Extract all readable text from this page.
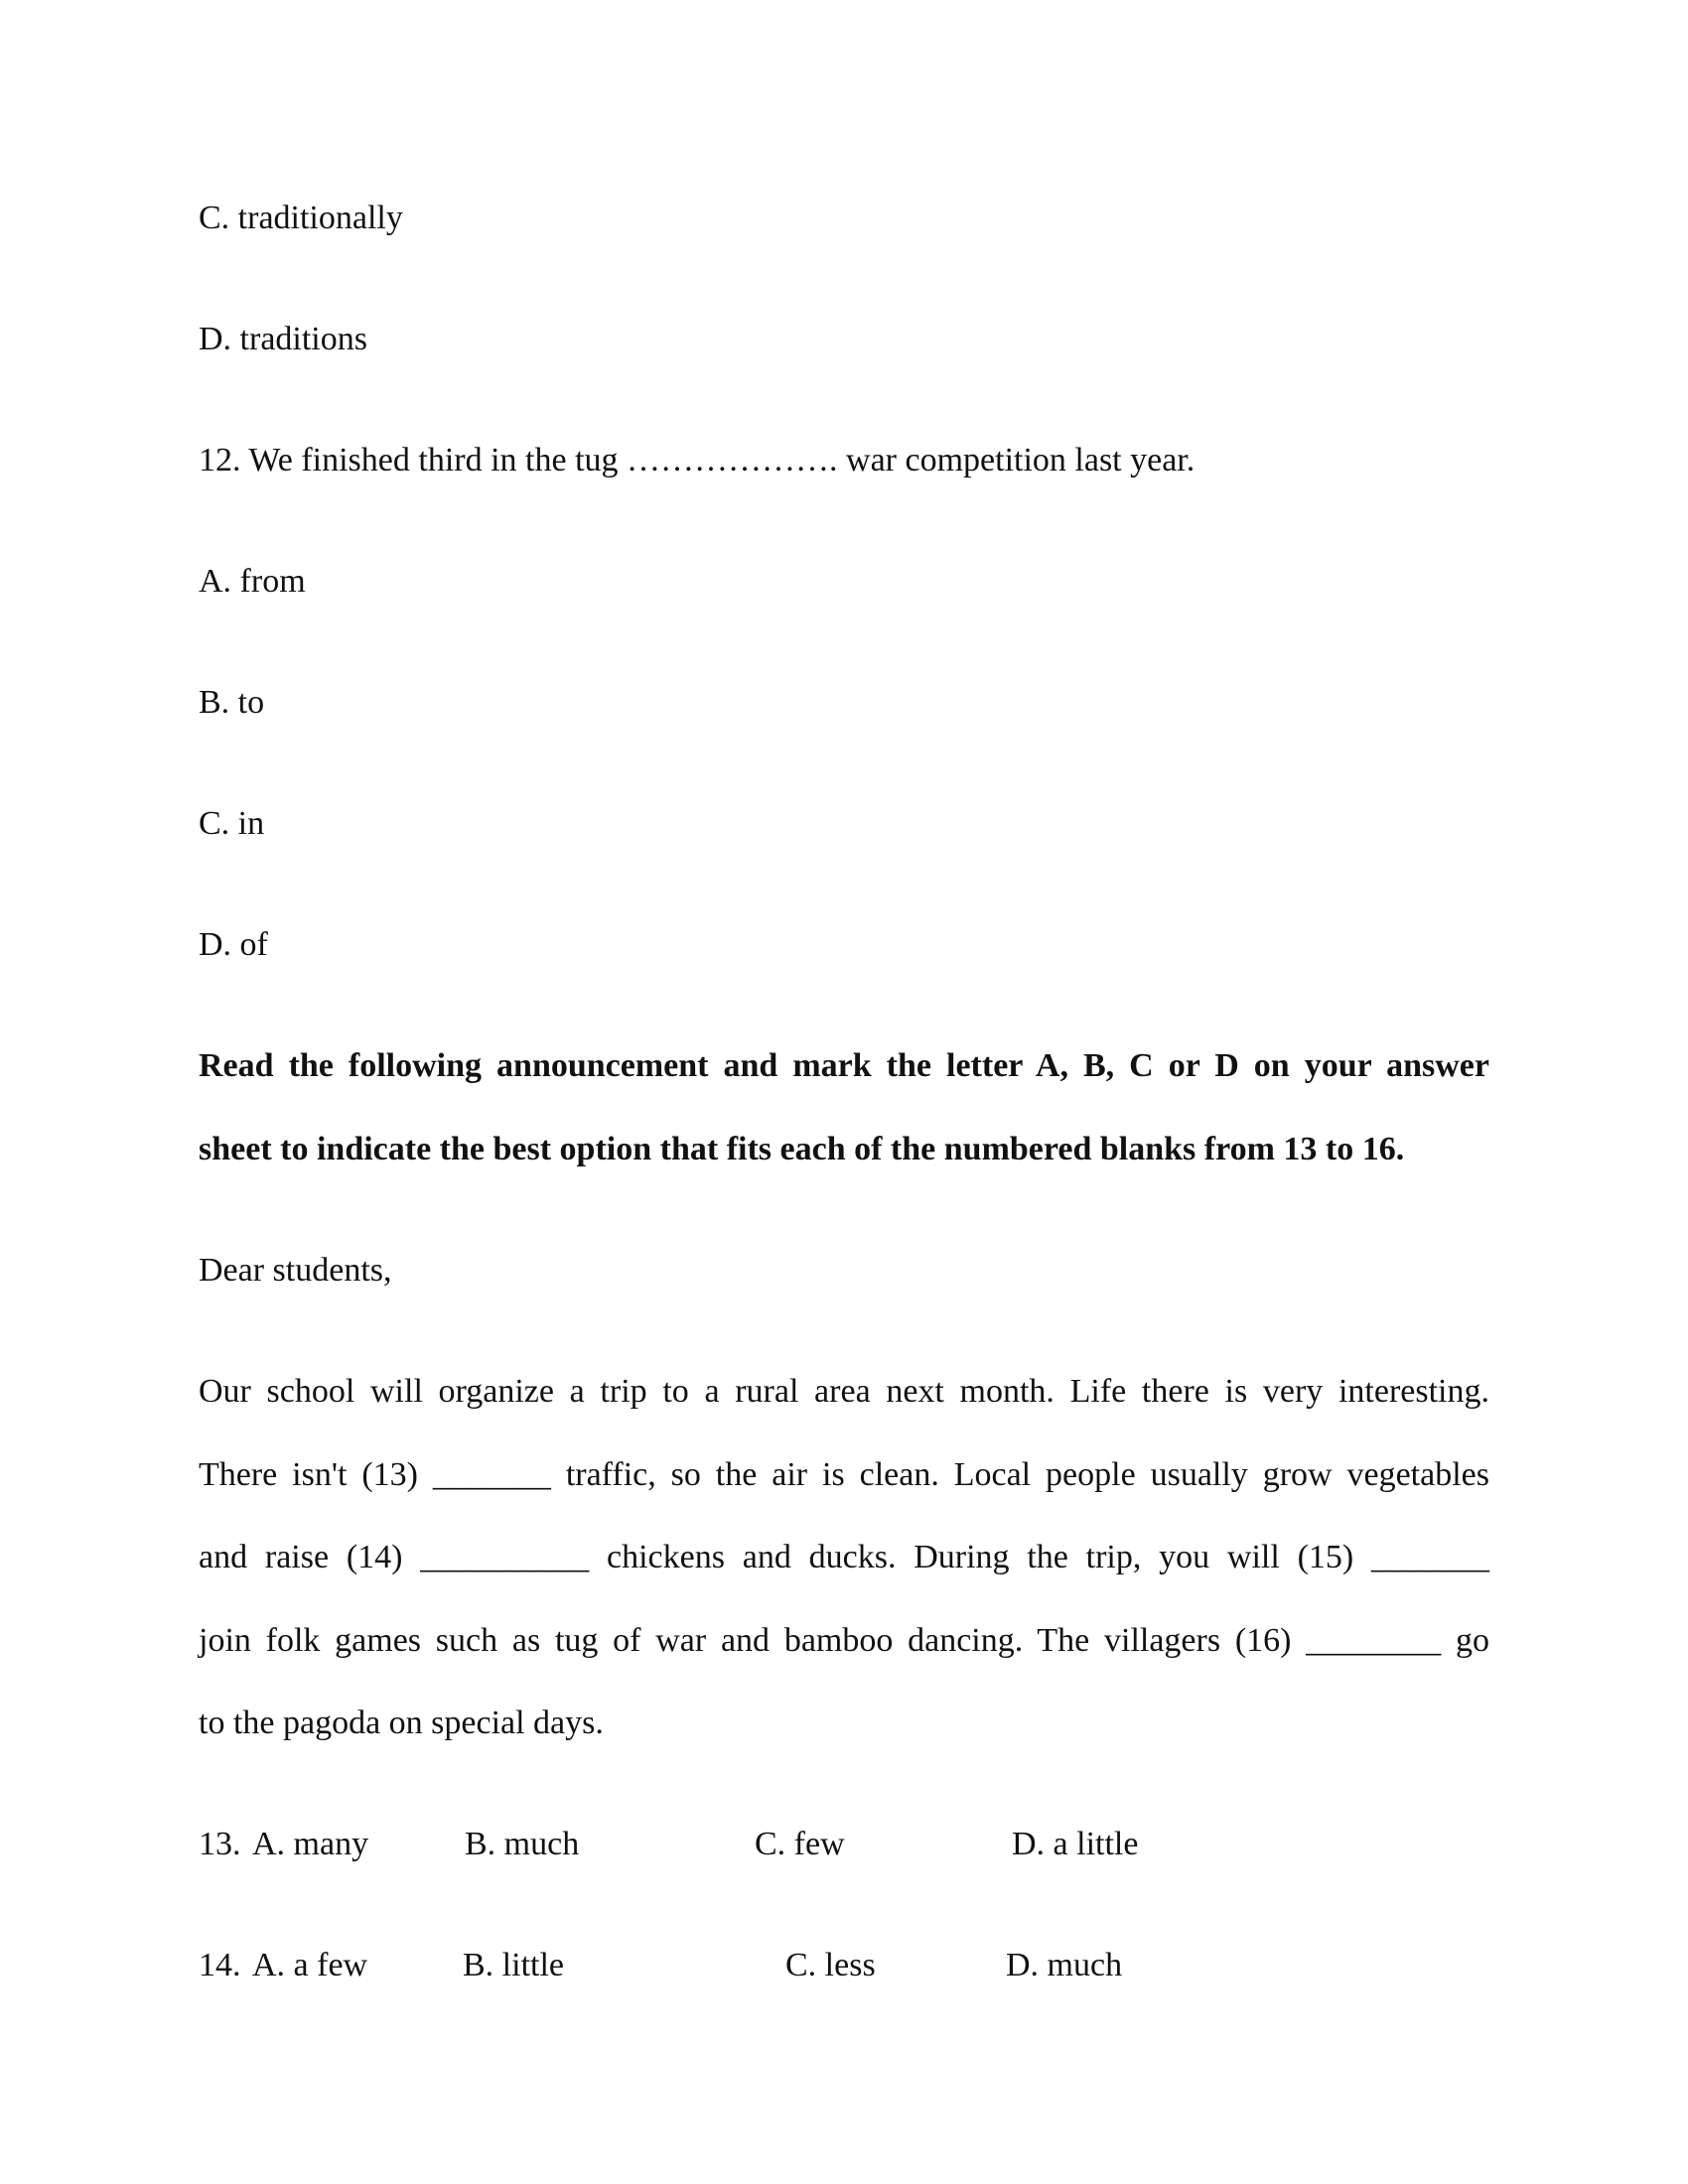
C. traditionally
D. traditions
12. We finished third in the tug ………………. war competition last year.
A. from
B. to
C. in
D. of
Read the following announcement and mark the letter A, B, C or D on your answer
sheet to indicate the best option that fits each of the numbered blanks from 13 to 16.
Dear students,
Our school will organize a trip to a rural area next month. Life there is very interesting.
There isn't (13) _______ traffic, so the air is clean. Local people usually grow vegetables
and raise (14) __________ chickens and ducks. During the trip, you will (15) _______
join folk games such as tug of war and bamboo dancing. The villagers (16) ________ go
to the pagoda on special days.
13. A. many	B. much	C. few	D. a little
14. A. a few	B. little	C. less	D. much
